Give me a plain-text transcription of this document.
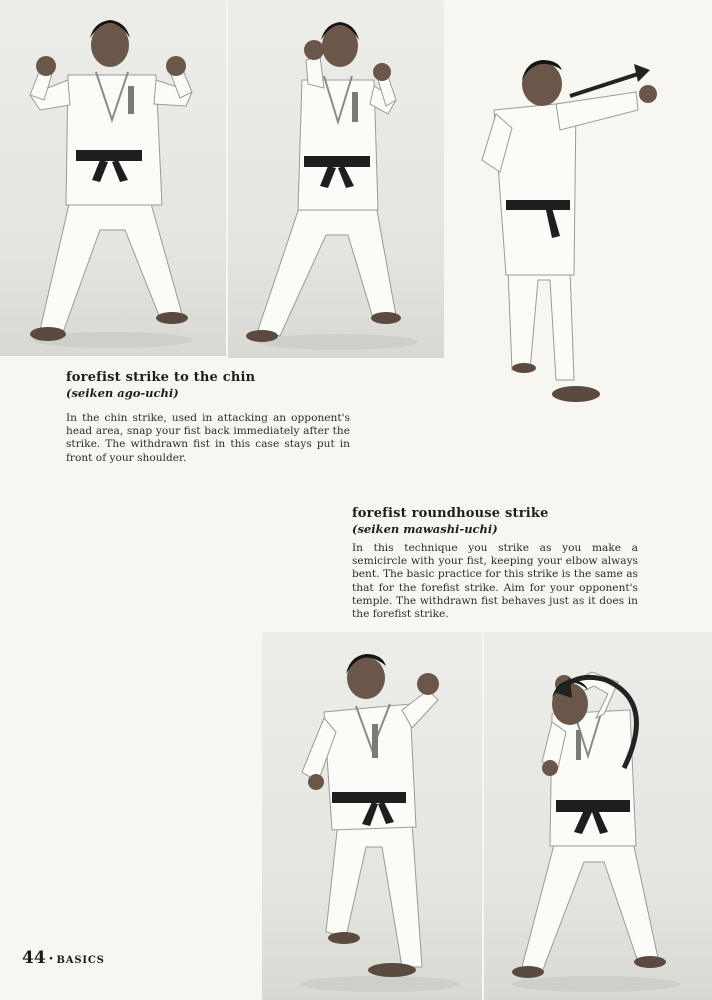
forefist strike to the chin

(seiken ago-uchi)

In the chin strike, used in attacking an opponent's head area, snap your fist back immediately after the strike. The withdrawn fist in this case stays put in front of your shoulder.

forefist roundhouse strike

(seiken mawashi-uchi)

In this technique you strike as you make a semicircle with your fist, keeping your elbow always bent. The basic practice for this strike is the same as that for the forefist strike. Aim for your opponent's temple. The withdrawn fist behaves just as it does in the forefist strike.

44 · BASICS
